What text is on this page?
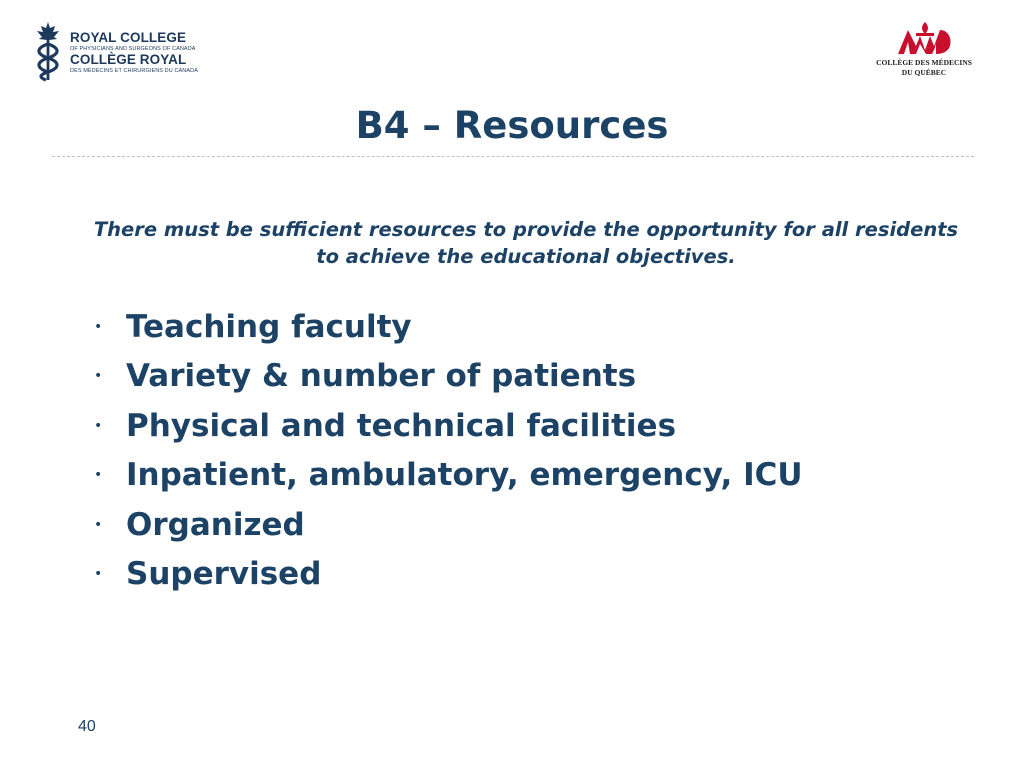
ROYAL COLLEGE
OF PHYSICIANS AND SURGEONS OF CANADA
COLLÈGE ROYAL
DES MÉDECINS ET CHIRURGIENS DU CANADA
COLLÈGE DES MÉDECINS
DU QUÉBEC
B4 – Resources
There must be sufficient resources to provide the opportunity for all residents to achieve the educational objectives.
• Teaching faculty
• Variety & number of patients
• Physical and technical facilities
• Inpatient, ambulatory, emergency, ICU
• Organized
• Supervised
40
